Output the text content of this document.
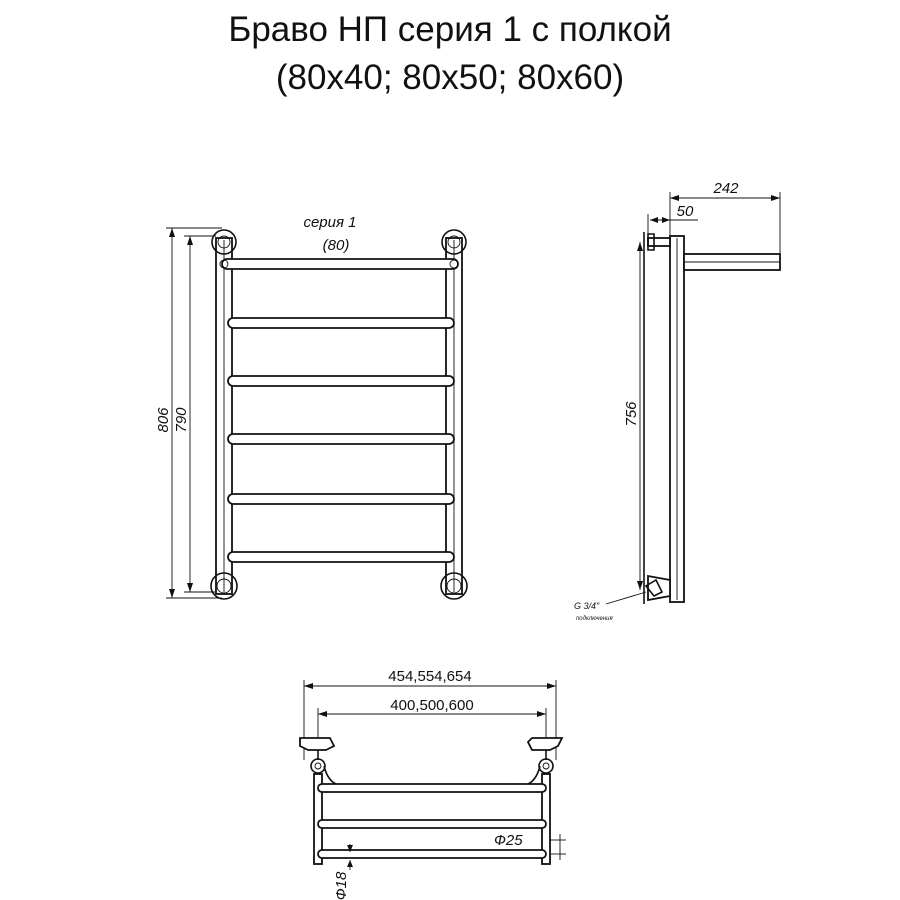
Браво НП серия 1 с полкой
(80х40; 80х50; 80х60)
серия 1
(80)
806 790
242
50
756
G 3/4"
подключения
454,554,654
400,500,600
Ф25
Ф18
